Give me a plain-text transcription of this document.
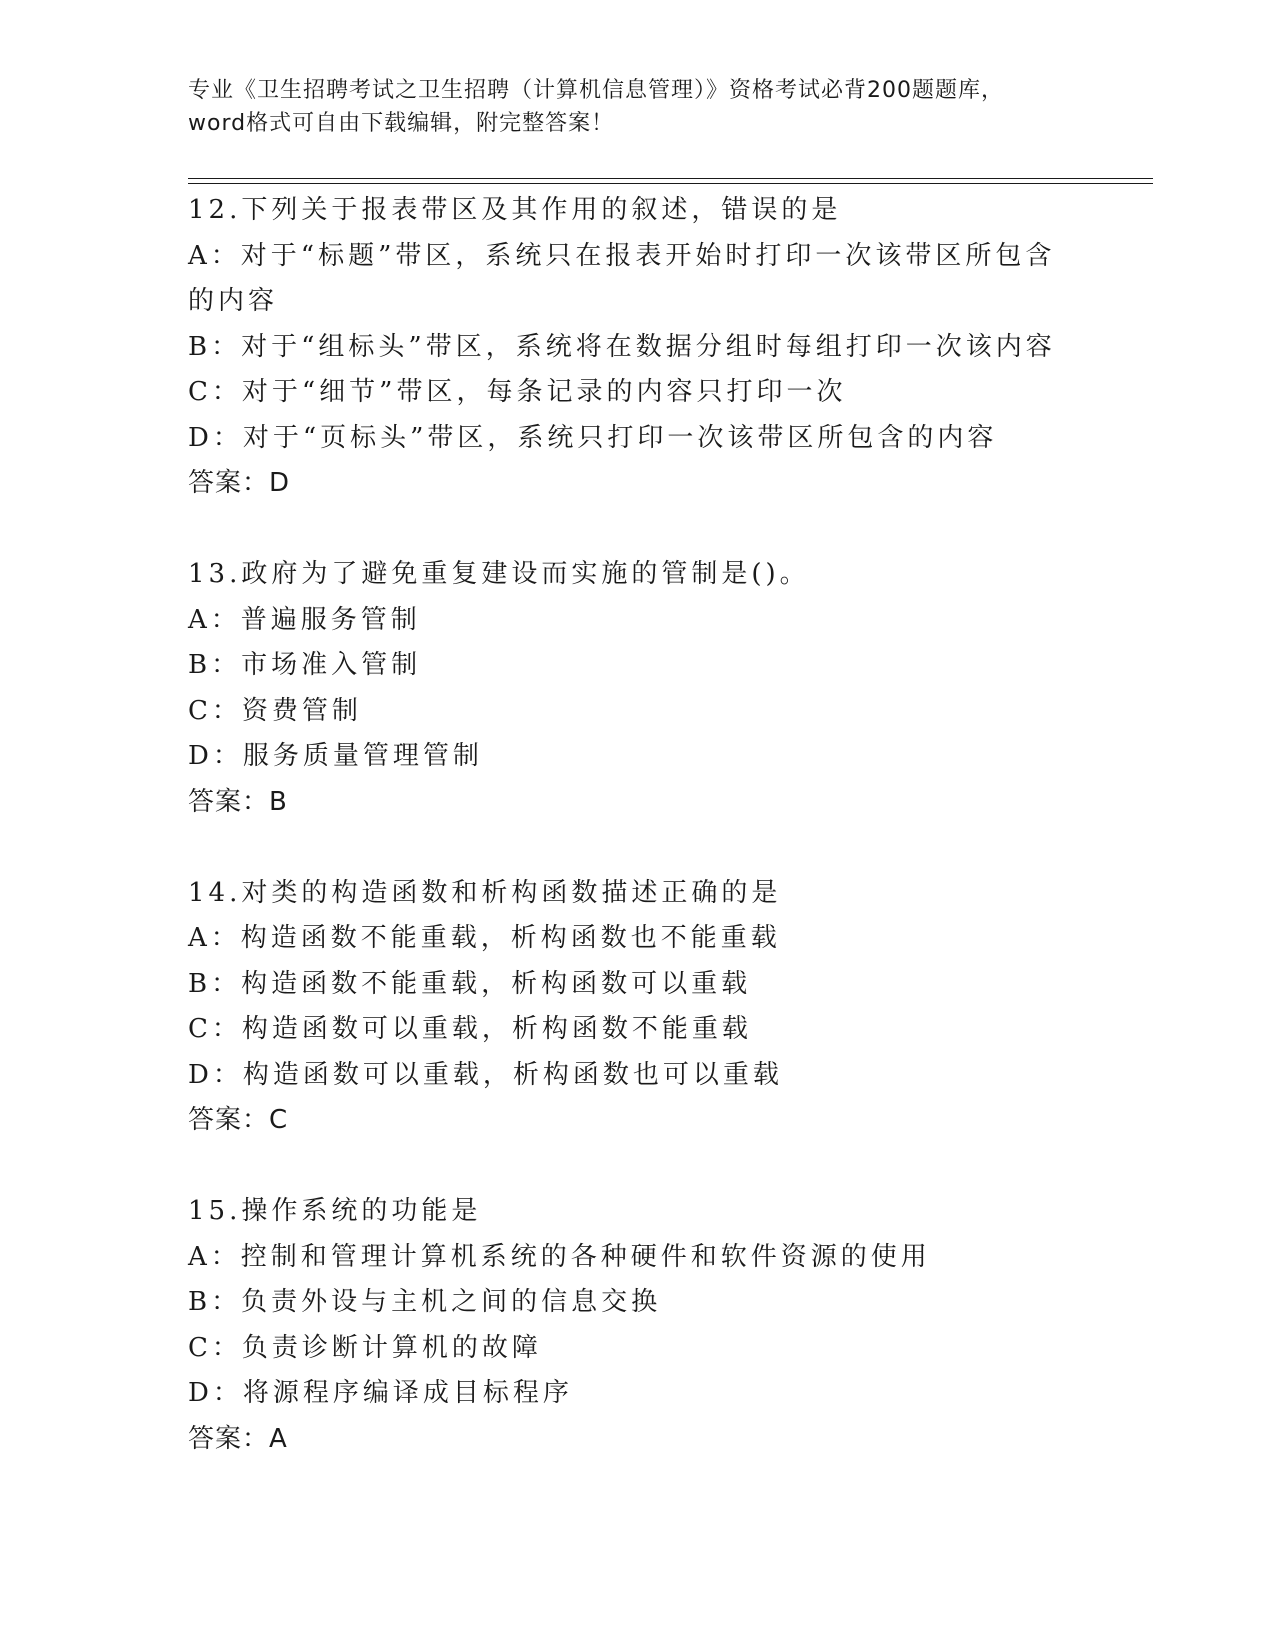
专业《卫生招聘考试之卫生招聘（计算机信息管理）》资格考试必背200题题库，
word格式可自由下载编辑，附完整答案！
12.下列关于报表带区及其作用的叙述，错误的是
A：对于“标题”带区，系统只在报表开始时打印一次该带区所包含的内容
B：对于“组标头”带区，系统将在数据分组时每组打印一次该内容
C：对于“细节”带区，每条记录的内容只打印一次
D：对于“页标头”带区，系统只打印一次该带区所包含的内容
答案：D
13.政府为了避免重复建设而实施的管制是()。
A：普遍服务管制
B：市场准入管制
C：资费管制
D：服务质量管理管制
答案：B
14.对类的构造函数和析构函数描述正确的是
A：构造函数不能重载，析构函数也不能重载
B：构造函数不能重载，析构函数可以重载
C：构造函数可以重载，析构函数不能重载
D：构造函数可以重载，析构函数也可以重载
答案：C
15.操作系统的功能是
A：控制和管理计算机系统的各种硬件和软件资源的使用
B：负责外设与主机之间的信息交换
C：负责诊断计算机的故障
D：将源程序编译成目标程序
答案：A
